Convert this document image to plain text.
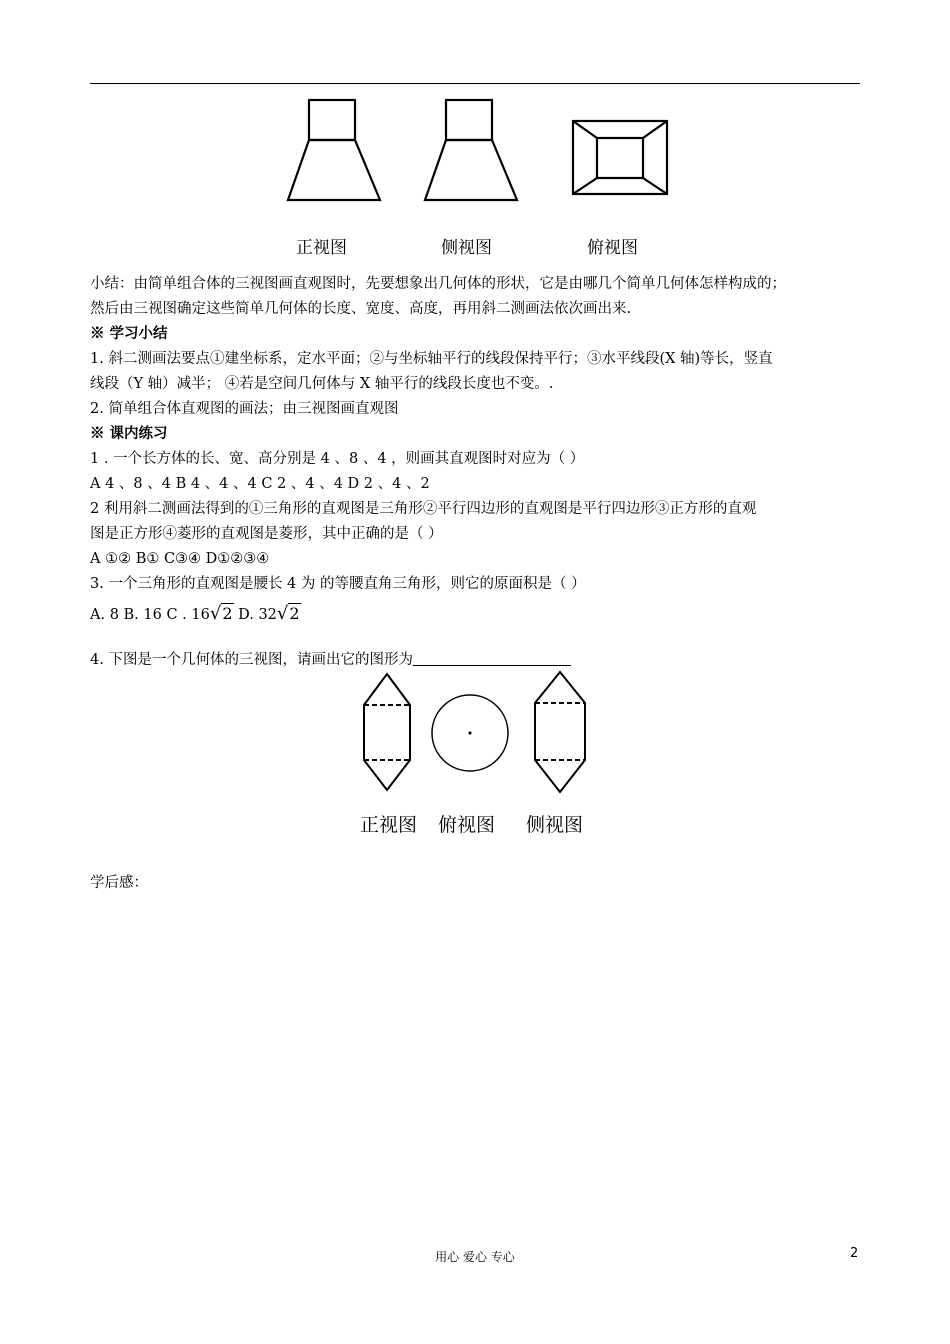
正视图	侧视图	俯视图
小结：由简单组合体的三视图画直观图时，先要想象出几何体的形状，它是由哪几个简单几何体怎样构成的；
然后由三视图确定这些简单几何体的长度、宽度、高度，再用斜二测画法依次画出来.
※ 学习小结
1. 斜二测画法要点①建坐标系，定水平面；②与坐标轴平行的线段保持平行；③水平线段(X 轴)等长，竖直
线段（Y 轴）减半； ④若是空间几何体与 X 轴平行的线段长度也不变。.
2. 简单组合体直观图的画法；由三视图画直观图
※ 课内练习
1 . 一个长方体的长、宽、高分别是 4 、8 、4 ，则画其直观图时对应为（ ）
A 4 、8 、4 B 4 、4 、4 C 2 、4 、4 D 2 、4 、2
2 利用斜二测画法得到的①三角形的直观图是三角形②平行四边形的直观图是平行四边形③正方形的直观
图是正方形④菱形的直观图是菱形，其中正确的是（ ）
A ①② B① C③④ D①②③④
3. 一个三角形的直观图是腰长 4 为 的等腰直角三角形，则它的原面积是（ ）
A. 8 B. 16 C . 16√2 D. 32√2
4. 下图是一个几何体的三视图，请画出它的图形为
正视图 俯视图 侧视图
学后感：
用心 爱心 专心	2
